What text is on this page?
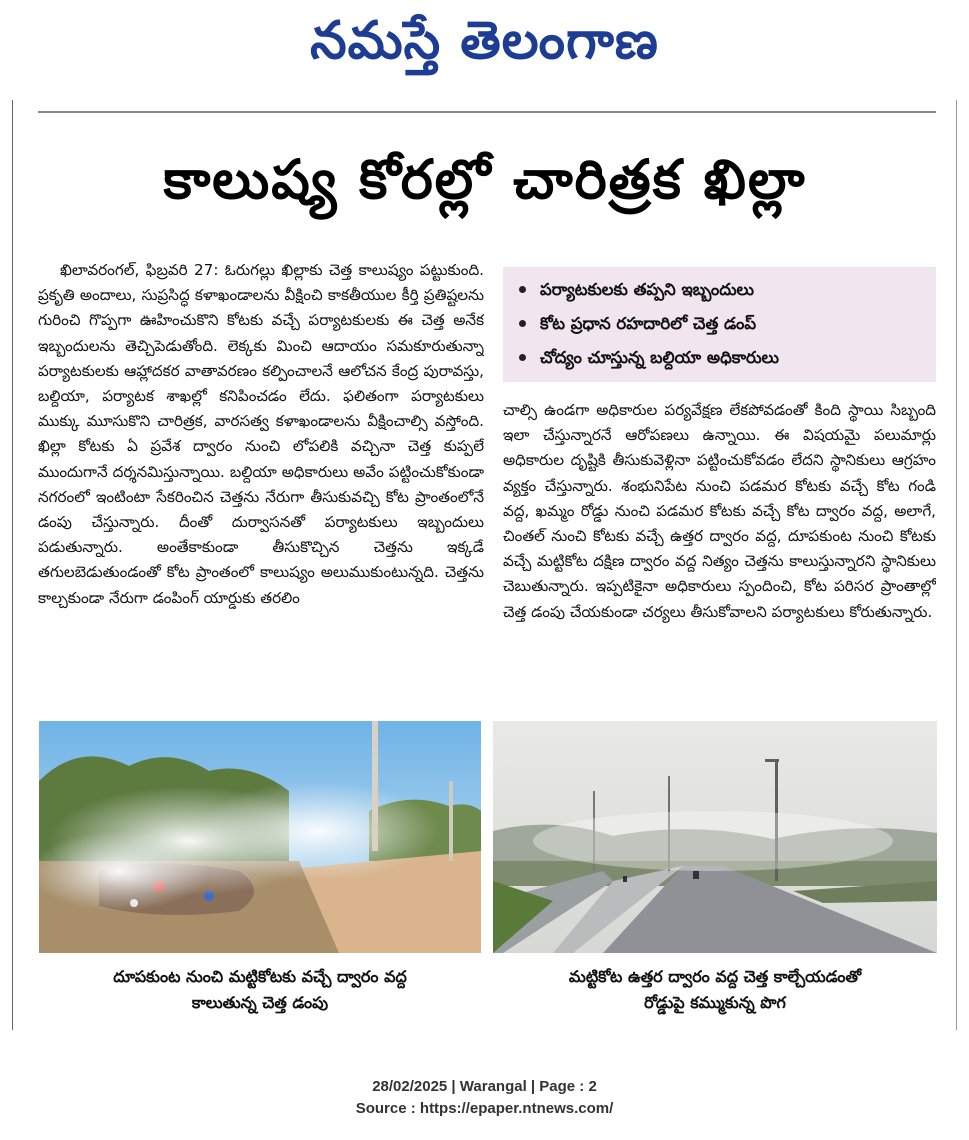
నమస్తే తెలంగాణ
కాలుష్య కోరల్లో చారిత్రక ఖిల్లా

ఖిలావరంగల్, ఫిబ్రవరి 27: ఓరుగల్లు ఖిల్లాకు చెత్త కాలుష్యం పట్టుకుంది. ప్రకృతి అందాలు, సుప్రసిద్ధ కళాఖండాలను వీక్షించి కాకతీయుల కీర్తి ప్రతిష్టలను గురించి గొప్పగా ఊహించుకొని కోటకు వచ్చే పర్యాటకులకు ఈ చెత్త అనేక ఇబ్బందులను తెచ్చిపెడుతోంది. లెక్కకు మించి ఆదాయం సమకూరుతున్నా పర్యాటకులకు ఆహ్లాదకర వాతావరణం కల్పించాలనే ఆలోచన కేంద్ర పురావస్తు, బల్దియా, పర్యాటక శాఖల్లో కనిపించడం లేదు. ఫలితంగా పర్యాటకులు ముక్కు మూసుకొని చారిత్రక, వారసత్వ కళాఖండాలను వీక్షించాల్సి వస్తోంది. ఖిల్లా కోటకు ఏ ప్రవేశ ద్వారం నుంచి లోపలికి వచ్చినా చెత్త కుప్పలే ముందుగానే దర్శనమిస్తున్నాయి. బల్దియా అధికారులు అవేం పట్టించుకోకుండా నగరంలో ఇంటింటా సేకరించిన చెత్తను నేరుగా తీసుకువచ్చి కోట ప్రాంతంలోనే డంపు చేస్తున్నారు. దీంతో దుర్వాసనతో పర్యాటకులు ఇబ్బందులు పడుతున్నారు. అంతేకాకుండా తీసుకొచ్చిన చెత్తను ఇక్కడే తగులబెడుతుండంతో కోట ప్రాంతంలో కాలుష్యం అలుముకుంటున్నది. చెత్తను కాల్చకుండా నేరుగా డంపింగ్ యార్డుకు తరలిం

పర్యాటకులకు తప్పని ఇబ్బందులు
కోట ప్రధాన రహదారిలో చెత్త డంప్
చోద్యం చూస్తున్న బల్దియా అధికారులు

చాల్సి ఉండగా అధికారుల పర్యవేక్షణ లేకపోవడంతో కింది స్థాయి సిబ్బంది ఇలా చేస్తున్నారనే ఆరోపణలు ఉన్నాయి. ఈ విషయమై పలుమార్లు అధికారుల దృష్టికి తీసుకువెళ్లినా పట్టించుకోవడం లేదని స్థానికులు ఆగ్రహం వ్యక్తం చేస్తున్నారు. శంభునిపేట నుంచి పడమర కోటకు వచ్చే కోట గండి వద్ద, ఖమ్మం రోడ్డు నుంచి పడమర కోటకు వచ్చే కోట ద్వారం వద్ద, అలాగే, చింతల్ నుంచి కోటకు వచ్చే ఉత్తర ద్వారం వద్ద, దూపకుంట నుంచి కోటకు వచ్చే మట్టికోట దక్షిణ ద్వారం వద్ద నిత్యం చెత్తను కాలుస్తున్నారని స్థానికులు చెబుతున్నారు. ఇప్పటికైనా అధికారులు స్పందించి, కోట పరిసర ప్రాంతాల్లో చెత్త డంపు చేయకుండా చర్యలు తీసుకోవాలని పర్యాటకులు కోరుతున్నారు.

దూపకుంట నుంచి మట్టికోటకు వచ్చే ద్వారం వద్ద
కాలుతున్న చెత్త డంపు
మట్టికోట ఉత్తర ద్వారం వద్ద చెత్త కాల్చేయడంతో
రోడ్డుపై కమ్ముకున్న పొగ
28/02/2025 | Warangal | Page : 2
Source : https://epaper.ntnews.com/
